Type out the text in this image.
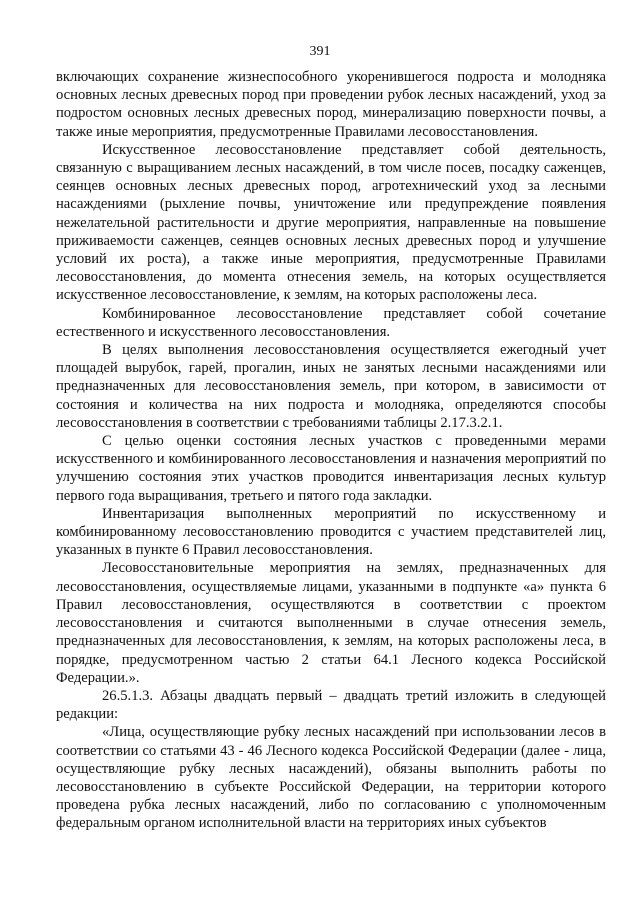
391

включающих сохранение жизнеспособного укоренившегося подроста и молодняка основных лесных древесных пород при проведении рубок лесных насаждений, уход за подростом основных лесных древесных пород, минерализацию поверхности почвы, а также иные мероприятия, предусмотренные Правилами лесовосстановления.

Искусственное лесовосстановление представляет собой деятельность, связанную с выращиванием лесных насаждений, в том числе посев, посадку саженцев, сеянцев основных лесных древесных пород, агротехнический уход за лесными насаждениями (рыхление почвы, уничтожение или предупреждение появления нежелательной растительности и другие мероприятия, направленные на повышение приживаемости саженцев, сеянцев основных лесных древесных пород и улучшение условий их роста), а также иные мероприятия, предусмотренные Правилами лесовосстановления, до момента отнесения земель, на которых осуществляется искусственное лесовосстановление, к землям, на которых расположены леса.

Комбинированное лесовосстановление представляет собой сочетание естественного и искусственного лесовосстановления.

В целях выполнения лесовосстановления осуществляется ежегодный учет площадей вырубок, гарей, прогалин, иных не занятых лесными насаждениями или предназначенных для лесовосстановления земель, при котором, в зависимости от состояния и количества на них подроста и молодняка, определяются способы лесовосстановления в соответствии с требованиями таблицы 2.17.3.2.1.

С целью оценки состояния лесных участков с проведенными мерами искусственного и комбинированного лесовосстановления и назначения мероприятий по улучшению состояния этих участков проводится инвентаризация лесных культур первого года выращивания, третьего и пятого года закладки.

Инвентаризация выполненных мероприятий по искусственному и комбинированному лесовосстановлению проводится с участием представителей лиц, указанных в пункте 6 Правил лесовосстановления.

Лесовосстановительные мероприятия на землях, предназначенных для лесовосстановления, осуществляемые лицами, указанными в подпункте «а» пункта 6 Правил лесовосстановления, осуществляются в соответствии с проектом лесовосстановления и считаются выполненными в случае отнесения земель, предназначенных для лесовосстановления, к землям, на которых расположены леса, в порядке, предусмотренном частью 2 статьи 64.1 Лесного кодекса Российской Федерации.».

26.5.1.3. Абзацы двадцать первый – двадцать третий изложить в следующей редакции:

«Лица, осуществляющие рубку лесных насаждений при использовании лесов в соответствии со статьями 43 - 46 Лесного кодекса Российской Федерации (далее - лица, осуществляющие рубку лесных насаждений), обязаны выполнить работы по лесовосстановлению в субъекте Российской Федерации, на территории которого проведена рубка лесных насаждений, либо по согласованию с уполномоченным федеральным органом исполнительной власти на территориях иных субъектов
